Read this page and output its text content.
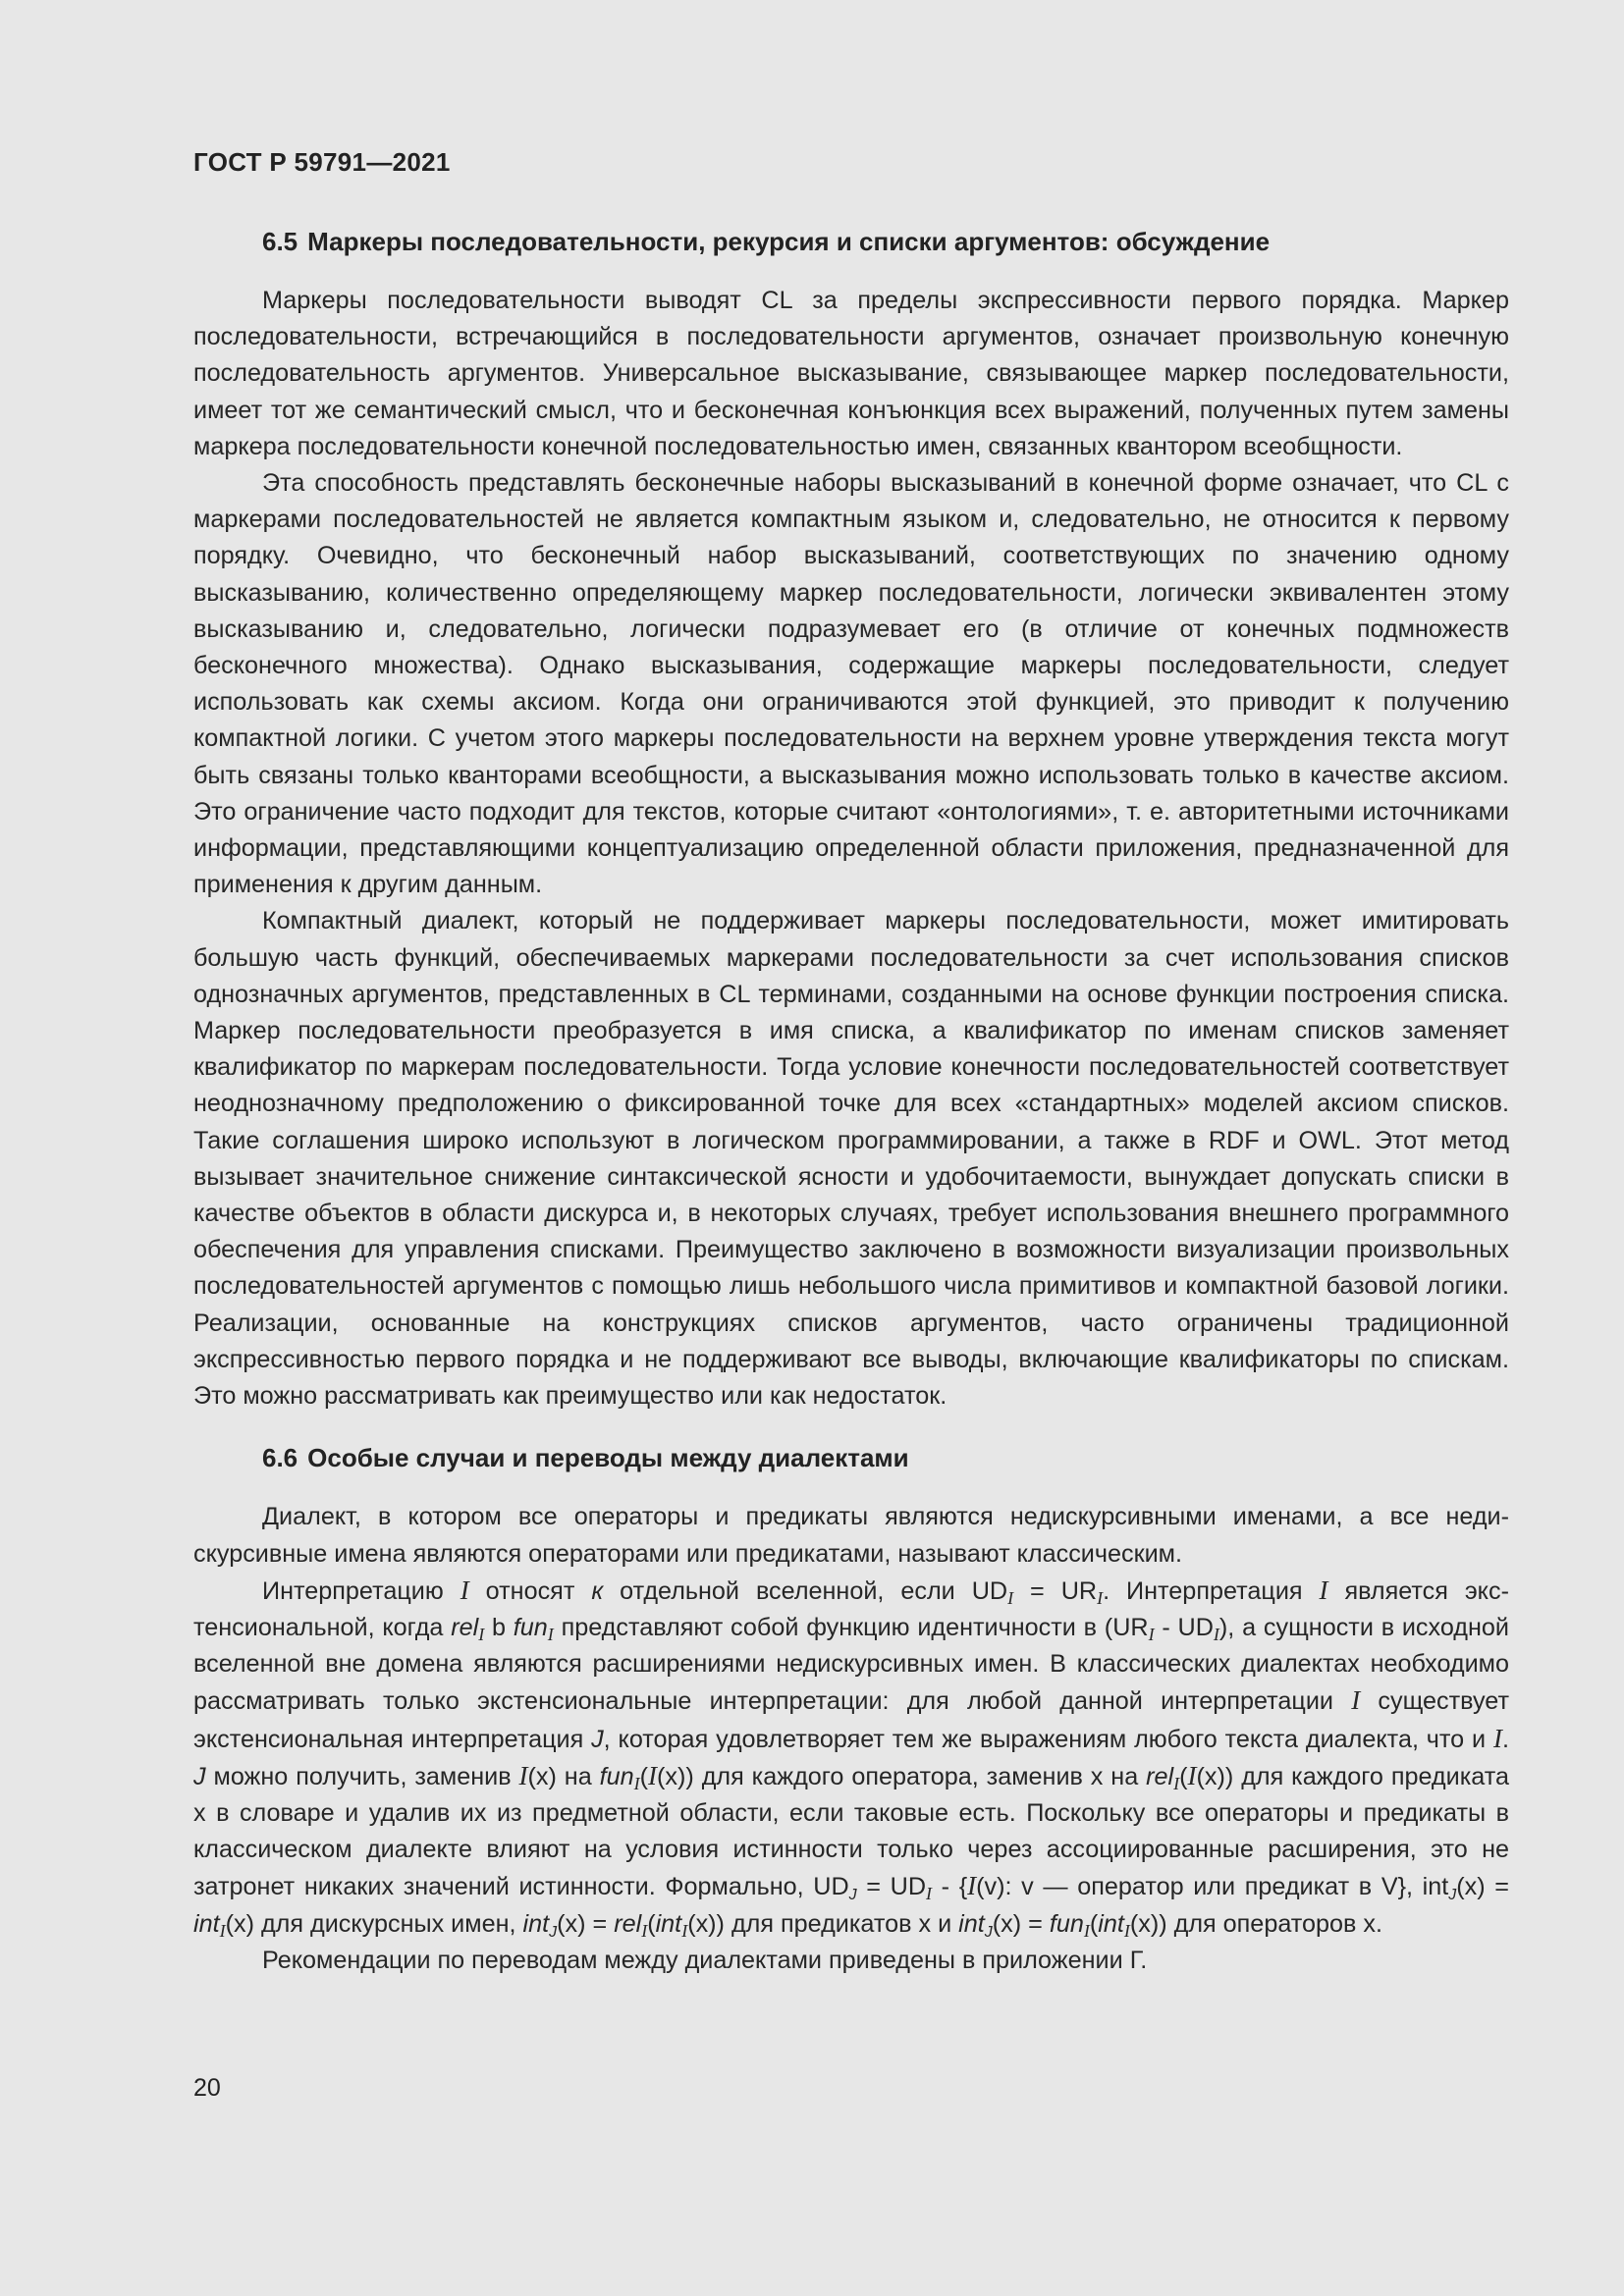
ГОСТ Р 59791—2021
6.5 Маркеры последовательности, рекурсия и списки аргументов: обсуждение

Маркеры последовательности выводят CL за пределы экспрессивности первого порядка. Маркер последовательности, встречающийся в последовательности аргументов, означает произвольную конечную последовательность аргументов. Универсальное высказывание, связывающее маркер последовательности, имеет тот же семантический смысл, что и бесконечная конъюнкция всех выражений, полученных путем замены маркера последовательности конечной последовательностью имен, связанных квантором всеобщности.

Эта способность представлять бесконечные наборы высказываний в конечной форме означает, что CL с маркерами последовательностей не является компактным языком и, следовательно, не относится к первому порядку. Очевидно, что бесконечный набор высказываний, соответствующих по значению одному высказыванию, количественно определяющему маркер последовательности, логически эквивалентен этому высказыванию и, следовательно, логически подразумевает его (в отличие от конечных подмножеств бесконечного множества). Однако высказывания, содержащие маркеры последовательности, следует использовать как схемы аксиом. Когда они ограничиваются этой функцией, это приводит к получению компактной логики. С учетом этого маркеры последовательности на верхнем уровне утверждения текста могут быть связаны только кванторами всеобщности, а высказывания можно использовать только в качестве аксиом. Это ограничение часто подходит для текстов, которые считают «онтологиями», т. е. авторитетными источниками информации, представляющими концептуализацию определенной области приложения, предназначенной для применения к другим данным.

Компактный диалект, который не поддерживает маркеры последовательности, может имитировать большую часть функций, обеспечиваемых маркерами последовательности за счет использования списков однозначных аргументов, представленных в CL терминами, созданными на основе функции построения списка. Маркер последовательности преобразуется в имя списка, а квалификатор по именам списков заменяет квалификатор по маркерам последовательности. Тогда условие конечности последовательностей соответствует неоднозначному предположению о фиксированной точке для всех «стандартных» моделей аксиом списков. Такие соглашения широко используют в логическом программировании, а также в RDF и OWL. Этот метод вызывает значительное снижение синтаксической ясности и удобочитаемости, вынуждает допускать списки в качестве объектов в области дискурса и, в некоторых случаях, требует использования внешнего программного обеспечения для управления списками. Преимущество заключено в возможности визуализации произвольных последовательностей аргументов с помощью лишь небольшого числа примитивов и компактной базовой логики. Реализации, основанные на конструкциях списков аргументов, часто ограничены традиционной экспрессивностью первого порядка и не поддерживают все выводы, включающие квалификаторы по спискам. Это можно рассматривать как преимущество или как недостаток.

6.6 Особые случаи и переводы между диалектами

Диалект, в котором все операторы и предикаты являются недискурсивными именами, а все недискурсивные имена являются операторами или предикатами, называют классическим.

Интерпретацию I относят к отдельной вселенной, если $UD_I = UR_I$. Интерпретация I является экстенсиональной, когда rel$_I$ b fun$_I$ представляют собой функцию идентичности в $(UR_I - UD_I)$, а сущности в исходной вселенной вне домена являются расширениями недискурсивных имен. В классических диалектах необходимо рассматривать только экстенсиональные интерпретации: для любой данной интерпретации I существует экстенсиональная интерпретация J, которая удовлетворяет тем же выражениям любого текста диалекта, что и I. J можно получить, заменив I(x) на fun$_I$(I(x)) для каждого оператора, заменив x на rel$_I$(I(x)) для каждого предиката x в словаре и удалив их из предметной области, если таковые есть. Поскольку все операторы и предикаты в классическом диалекте влияют на условия истинности только через ассоциированные расширения, это не затронет никаких значений истинности. Формально, $UD_J = UD_I - \{I(v)$: v — оператор или предикат в V}, int$_J$(x) = int$_I$(x) для дискурсных имен, int$_J$(x) = rel$_I$(int$_I$(x)) для предикатов x и int$_J$(x) = fun$_I$(int$_I$(x)) для операторов x.

Рекомендации по переводам между диалектами приведены в приложении Г.

20
